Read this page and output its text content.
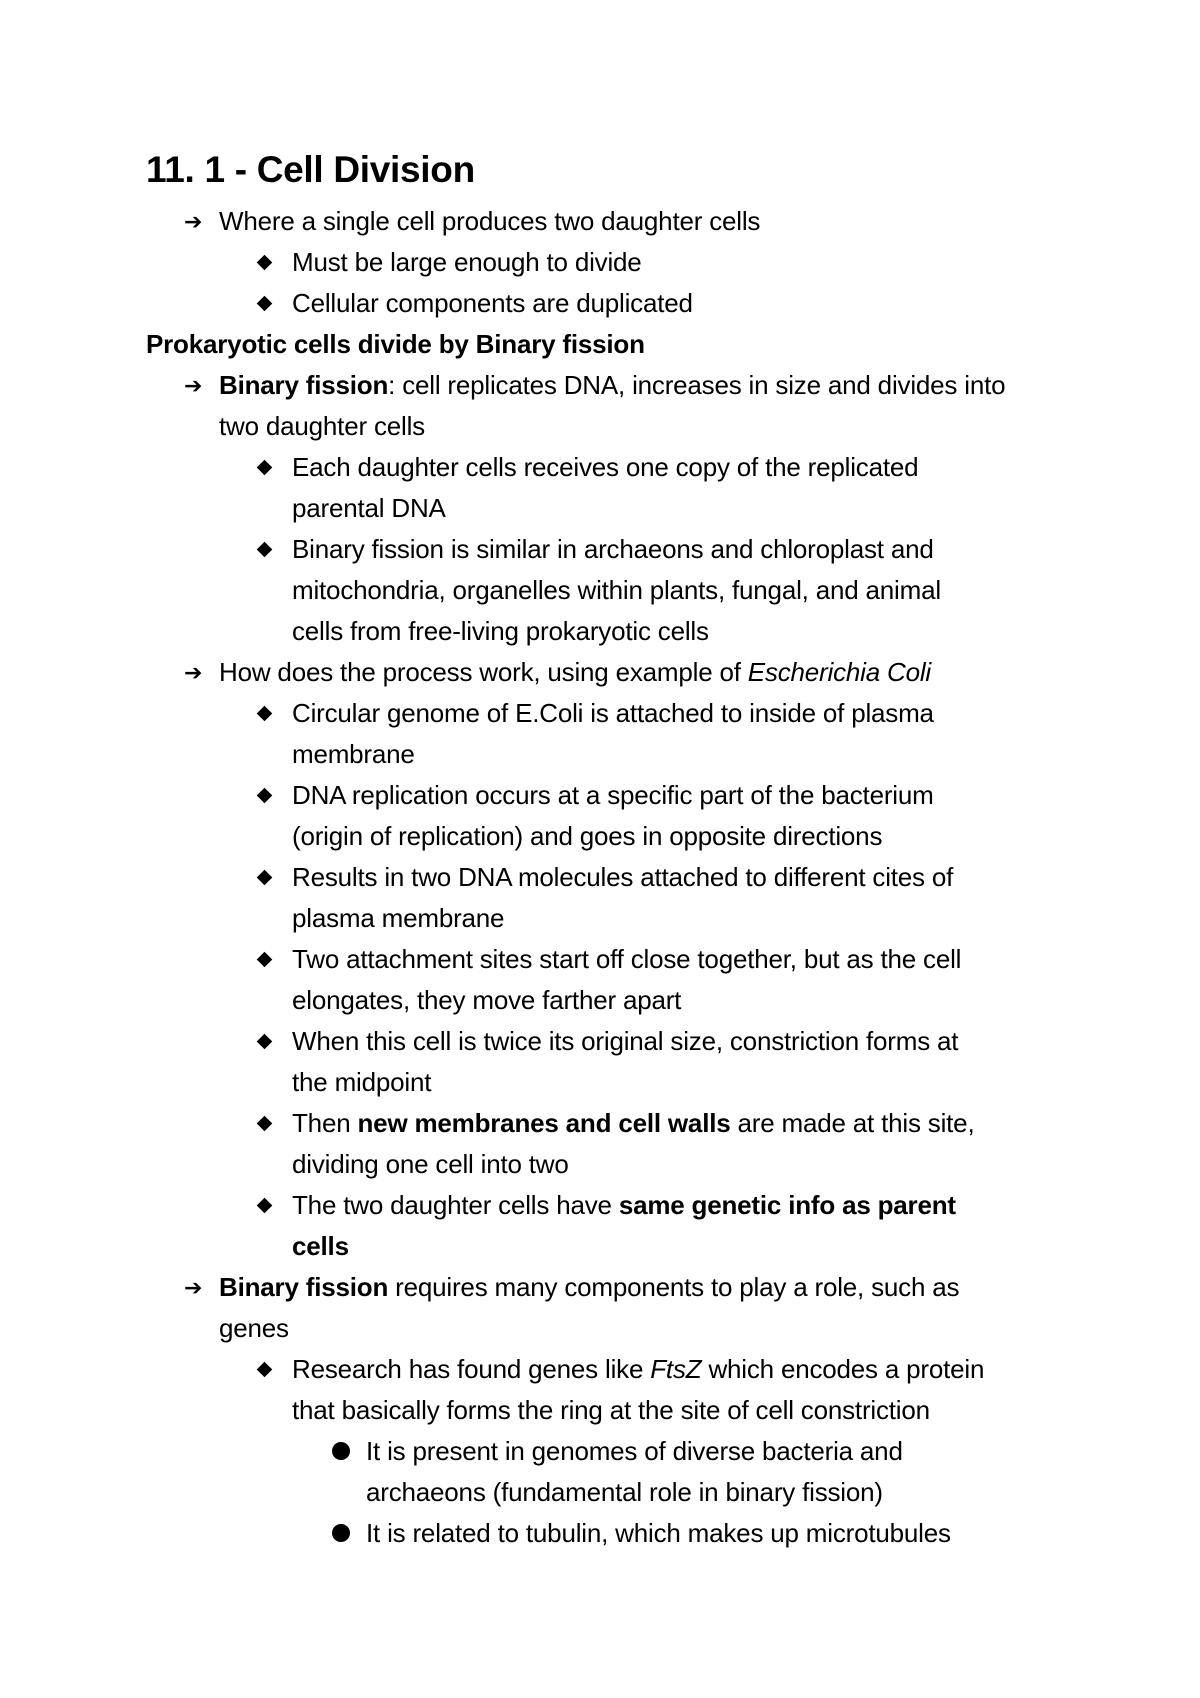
11. 1 - Cell Division
➔ Where a single cell produces two daughter cells
Must be large enough to divide
Cellular components are duplicated
Prokaryotic cells divide by Binary fission
➔ Binary fission: cell replicates DNA, increases in size and divides into
two daughter cells
Each daughter cells receives one copy of the replicated
parental DNA
Binary fission is similar in archaeons and chloroplast and
mitochondria, organelles within plants, fungal, and animal
cells from free-living prokaryotic cells
➔ How does the process work, using example of Escherichia Coli
Circular genome of E.Coli is attached to inside of plasma
membrane
DNA replication occurs at a specific part of the bacterium
(origin of replication) and goes in opposite directions
Results in two DNA molecules attached to different cites of
plasma membrane
Two attachment sites start off close together, but as the cell
elongates, they move farther apart
When this cell is twice its original size, constriction forms at
the midpoint
Then new membranes and cell walls are made at this site,
dividing one cell into two
The two daughter cells have same genetic info as parent
cells
➔ Binary fission requires many components to play a role, such as
genes
Research has found genes like FtsZ which encodes a protein
that basically forms the ring at the site of cell constriction
It is present in genomes of diverse bacteria and
archaeons (fundamental role in binary fission)
It is related to tubulin, which makes up microtubules
